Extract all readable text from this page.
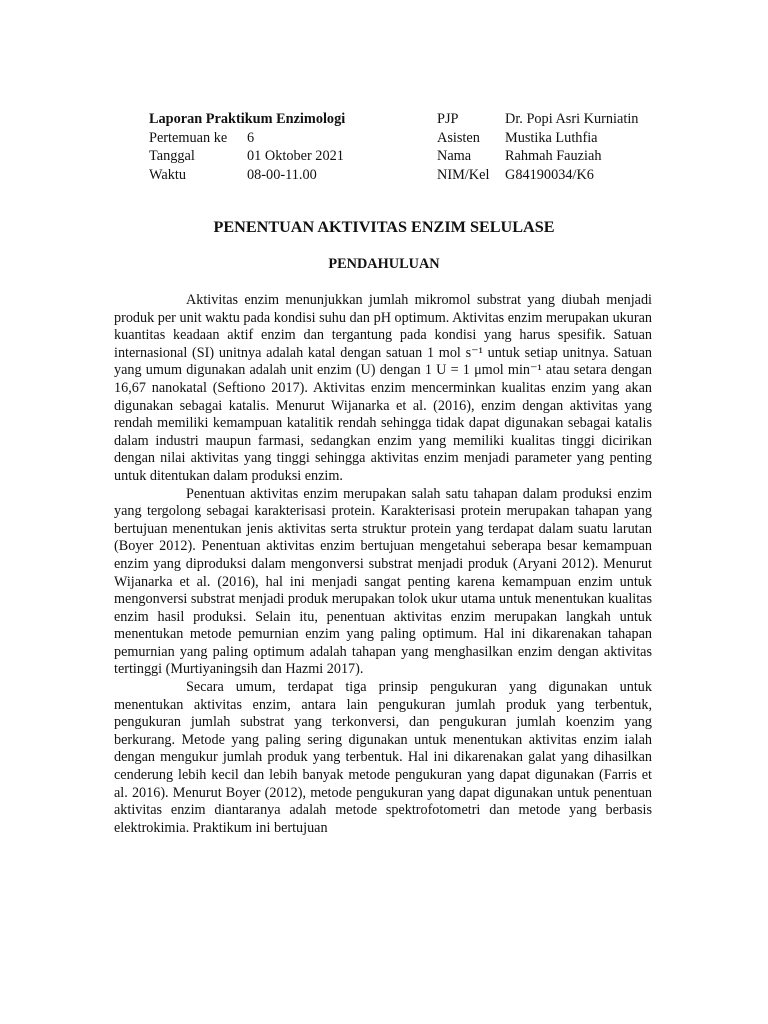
Laporan Praktikum Enzimologi	PJP	Dr. Popi Asri Kurniatin
Pertemuan ke	6	Asisten	Mustika Luthfia
Tanggal	01 Oktober 2021	Nama	Rahmah Fauziah
Waktu	08-00-11.00	NIM/Kel	G84190034/K6
PENENTUAN AKTIVITAS ENZIM SELULASE
PENDAHULUAN

Aktivitas enzim menunjukkan jumlah mikromol substrat yang diubah menjadi produk per unit waktu pada kondisi suhu dan pH optimum. Aktivitas enzim merupakan ukuran kuantitas keadaan aktif enzim dan tergantung pada kondisi yang harus spesifik. Satuan internasional (SI) unitnya adalah katal dengan satuan 1 mol s⁻¹ untuk setiap unitnya. Satuan yang umum digunakan adalah unit enzim (U) dengan 1 U = 1 μmol min⁻¹ atau setara dengan 16,67 nanokatal (Seftiono 2017). Aktivitas enzim mencerminkan kualitas enzim yang akan digunakan sebagai katalis. Menurut Wijanarka et al. (2016), enzim dengan aktivitas yang rendah memiliki kemampuan katalitik rendah sehingga tidak dapat digunakan sebagai katalis dalam industri maupun farmasi, sedangkan enzim yang memiliki kualitas tinggi dicirikan dengan nilai aktivitas yang tinggi sehingga aktivitas enzim menjadi parameter yang penting untuk ditentukan dalam produksi enzim.

Penentuan aktivitas enzim merupakan salah satu tahapan dalam produksi enzim yang tergolong sebagai karakterisasi protein. Karakterisasi protein merupakan tahapan yang bertujuan menentukan jenis aktivitas serta struktur protein yang terdapat dalam suatu larutan (Boyer 2012). Penentuan aktivitas enzim bertujuan mengetahui seberapa besar kemampuan enzim yang diproduksi dalam mengonversi substrat menjadi produk (Aryani 2012). Menurut Wijanarka et al. (2016), hal ini menjadi sangat penting karena kemampuan enzim untuk mengonversi substrat menjadi produk merupakan tolok ukur utama untuk menentukan kualitas enzim hasil produksi. Selain itu, penentuan aktivitas enzim merupakan langkah untuk menentukan metode pemurnian enzim yang paling optimum. Hal ini dikarenakan tahapan pemurnian yang paling optimum adalah tahapan yang menghasilkan enzim dengan aktivitas tertinggi (Murtiyaningsih dan Hazmi 2017).

Secara umum, terdapat tiga prinsip pengukuran yang digunakan untuk menentukan aktivitas enzim, antara lain pengukuran jumlah produk yang terbentuk, pengukuran jumlah substrat yang terkonversi, dan pengukuran jumlah koenzim yang berkurang. Metode yang paling sering digunakan untuk menentukan aktivitas enzim ialah dengan mengukur jumlah produk yang terbentuk. Hal ini dikarenakan galat yang dihasilkan cenderung lebih kecil dan lebih banyak metode pengukuran yang dapat digunakan (Farris et al. 2016). Menurut Boyer (2012), metode pengukuran yang dapat digunakan untuk penentuan aktivitas enzim diantaranya adalah metode spektrofotometri dan metode yang berbasis elektrokimia. Praktikum ini bertujuan
